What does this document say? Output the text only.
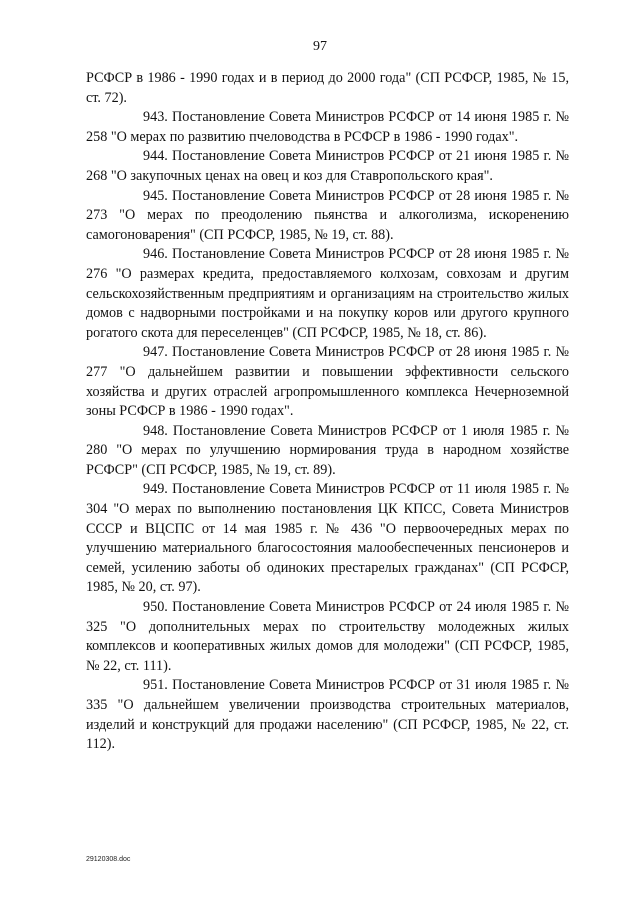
97

РСФСР в 1986 - 1990 годах и в период до 2000 года" (СП РСФСР, 1985, № 15, ст. 72).

943. Постановление Совета Министров РСФСР от 14 июня 1985 г. № 258 "О мерах по развитию пчеловодства в РСФСР в 1986 - 1990 годах".

944. Постановление Совета Министров РСФСР от 21 июня 1985 г. № 268 "О закупочных ценах на овец и коз для Ставропольского края".

945. Постановление Совета Министров РСФСР от 28 июня 1985 г. № 273 "О мерах по преодолению пьянства и алкоголизма, искоренению самогоноварения" (СП РСФСР, 1985, № 19, ст. 88).

946. Постановление Совета Министров РСФСР от 28 июня 1985 г. № 276 "О размерах кредита, предоставляемого колхозам, совхозам и другим сельскохозяйственным предприятиям и организациям на строительство жилых домов с надворными постройками и на покупку коров или другого крупного рогатого скота для переселенцев" (СП РСФСР, 1985, № 18, ст. 86).

947. Постановление Совета Министров РСФСР от 28 июня 1985 г. № 277 "О дальнейшем развитии и повышении эффективности сельского хозяйства и других отраслей агропромышленного комплекса Нечерноземной зоны РСФСР в 1986 - 1990 годах".

948. Постановление Совета Министров РСФСР от 1 июля 1985 г. № 280 "О мерах по улучшению нормирования труда в народном хозяйстве РСФСР" (СП РСФСР, 1985, № 19, ст. 89).

949. Постановление Совета Министров РСФСР от 11 июля 1985 г. № 304 "О мерах по выполнению постановления ЦК КПСС, Совета Министров СССР и ВЦСПС от 14 мая 1985 г. № 436 "О первоочередных мерах по улучшению материального благосостояния малообеспеченных пенсионеров и семей, усилению заботы об одиноких престарелых гражданах" (СП РСФСР, 1985, № 20, ст. 97).

950. Постановление Совета Министров РСФСР от 24 июля 1985 г. № 325 "О дополнительных мерах по строительству молодежных жилых комплексов и кооперативных жилых домов для молодежи" (СП РСФСР, 1985, № 22, ст. 111).

951. Постановление Совета Министров РСФСР от 31 июля 1985 г. № 335 "О дальнейшем увеличении производства строительных материалов, изделий и конструкций для продажи населению" (СП РСФСР, 1985, № 22, ст. 112).

29120308.doc
